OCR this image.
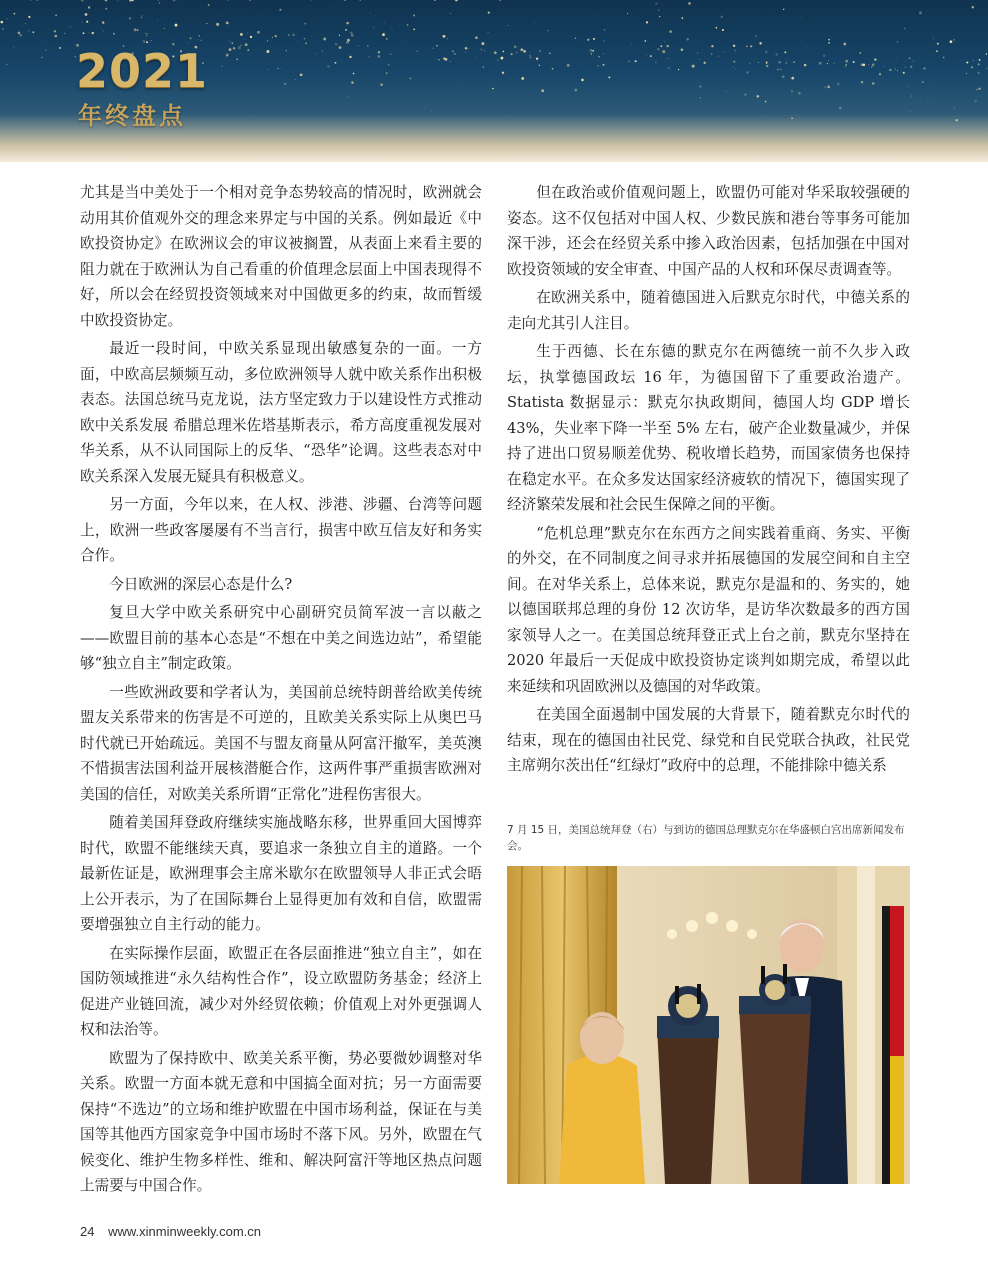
2021
年终盘点

尤其是当中美处于一个相对竞争态势较高的情况时，欧洲就会动用其价值观外交的理念来界定与中国的关系。例如最近《中欧投资协定》在欧洲议会的审议被搁置，从表面上来看主要的阻力就在于欧洲认为自己看重的价值理念层面上中国表现得不好，所以会在经贸投资领域来对中国做更多的约束，故而暂缓中欧投资协定。

最近一段时间，中欧关系显现出敏感复杂的一面。一方面，中欧高层频频互动，多位欧洲领导人就中欧关系作出积极表态。法国总统马克龙说，法方坚定致力于以建设性方式推动欧中关系发展 希腊总理米佐塔基斯表示，希方高度重视发展对华关系，从不认同国际上的反华、“恐华”论调。这些表态对中欧关系深入发展无疑具有积极意义。

另一方面，今年以来，在人权、涉港、涉疆、台湾等问题上，欧洲一些政客屡屡有不当言行，损害中欧互信友好和务实合作。

今日欧洲的深层心态是什么?

复旦大学中欧关系研究中心副研究员简军波一言以蔽之——欧盟目前的基本心态是“不想在中美之间选边站”，希望能够“独立自主”制定政策。

一些欧洲政要和学者认为，美国前总统特朗普给欧美传统盟友关系带来的伤害是不可逆的，且欧美关系实际上从奥巴马时代就已开始疏远。美国不与盟友商量从阿富汗撤军，美英澳不惜损害法国利益开展核潜艇合作，这两件事严重损害欧洲对美国的信任，对欧美关系所谓“正常化”进程伤害很大。

随着美国拜登政府继续实施战略东移，世界重回大国博弈时代，欧盟不能继续天真，要追求一条独立自主的道路。一个最新佐证是，欧洲理事会主席米歇尔在欧盟领导人非正式会晤上公开表示，为了在国际舞台上显得更加有效和自信，欧盟需要增强独立自主行动的能力。

在实际操作层面，欧盟正在各层面推进“独立自主”，如在国防领域推进“永久结构性合作”，设立欧盟防务基金；经济上促进产业链回流，减少对外经贸依赖；价值观上对外更强调人权和法治等。

欧盟为了保持欧中、欧美关系平衡，势必要微妙调整对华关系。欧盟一方面本就无意和中国搞全面对抗；另一方面需要保持“不选边”的立场和维护欧盟在中国市场利益，保证在与美国等其他西方国家竞争中国市场时不落下风。另外，欧盟在气候变化、维护生物多样性、维和、解决阿富汗等地区热点问题上需要与中国合作。

但在政治或价值观问题上，欧盟仍可能对华采取较强硬的姿态。这不仅包括对中国人权、少数民族和港台等事务可能加深干涉，还会在经贸关系中掺入政治因素，包括加强在中国对欧投资领域的安全审查、中国产品的人权和环保尽责调查等。

在欧洲关系中，随着德国进入后默克尔时代，中德关系的走向尤其引人注目。

生于西德、长在东德的默克尔在两德统一前不久步入政坛，执掌德国政坛 16 年，为德国留下了重要政治遗产。Statista 数据显示：默克尔执政期间，德国人均 GDP 增长 43%，失业率下降一半至 5% 左右，破产企业数量减少，并保持了进出口贸易顺差优势、税收增长趋势，而国家债务也保持在稳定水平。在众多发达国家经济疲软的情况下，德国实现了经济繁荣发展和社会民生保障之间的平衡。

“危机总理”默克尔在东西方之间实践着重商、务实、平衡的外交，在不同制度之间寻求并拓展德国的发展空间和自主空间。在对华关系上，总体来说，默克尔是温和的、务实的，她以德国联邦总理的身份 12 次访华，是访华次数最多的西方国家领导人之一。在美国总统拜登正式上台之前，默克尔坚持在 2020 年最后一天促成中欧投资协定谈判如期完成，希望以此来延续和巩固欧洲以及德国的对华政策。

在美国全面遏制中国发展的大背景下，随着默克尔时代的结束，现在的德国由社民党、绿党和自民党联合执政，社民党主席朔尔茨出任“红绿灯”政府中的总理，不能排除中德关系

7 月 15 日，美国总统拜登（右）与到访的德国总理默克尔在华盛顿白宫出席新闻发布会。
24 www.xinminweekly.com.cn
